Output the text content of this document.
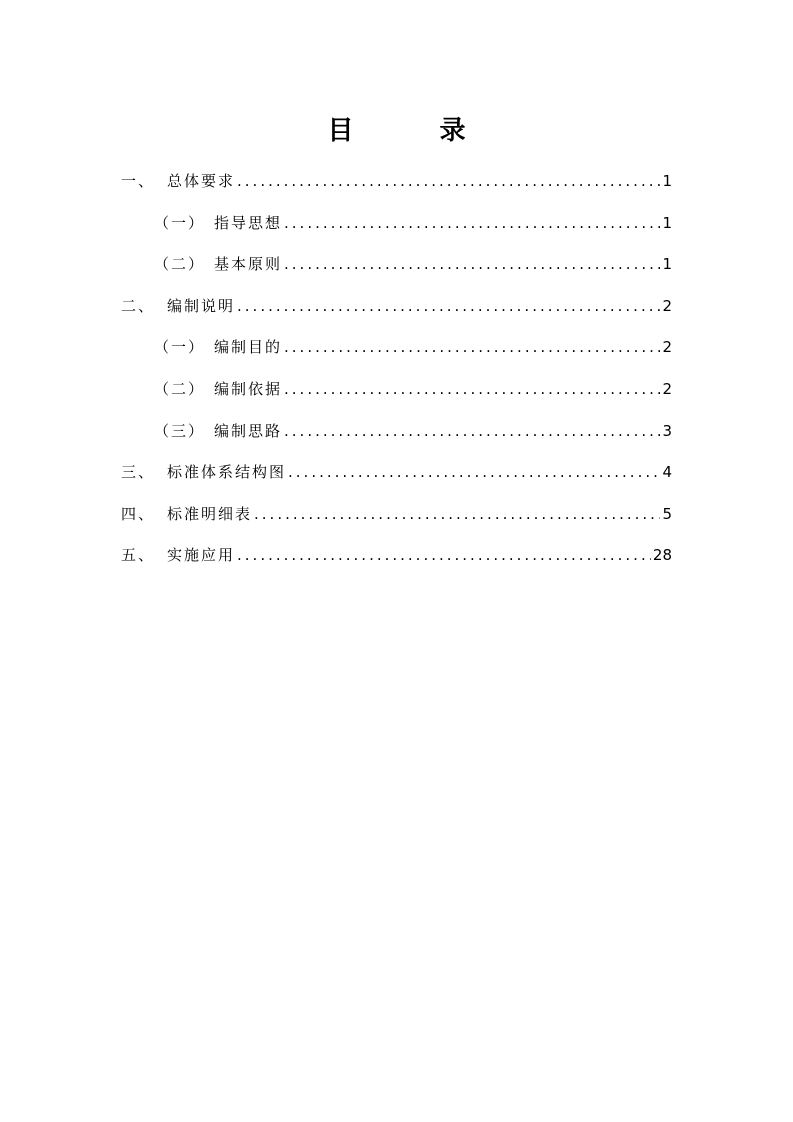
目　录
一、 总体要求 .....	1
（一） 指导思想 .....	1
（二） 基本原则 .....	1
二、 编制说明 .....	2
（一） 编制目的 .....	2
（二） 编制依据 .....	2
（三） 编制思路 .....	3
三、 标准体系结构图 .....	4
四、 标准明细表 .....	5
五、 实施应用 .....	28
